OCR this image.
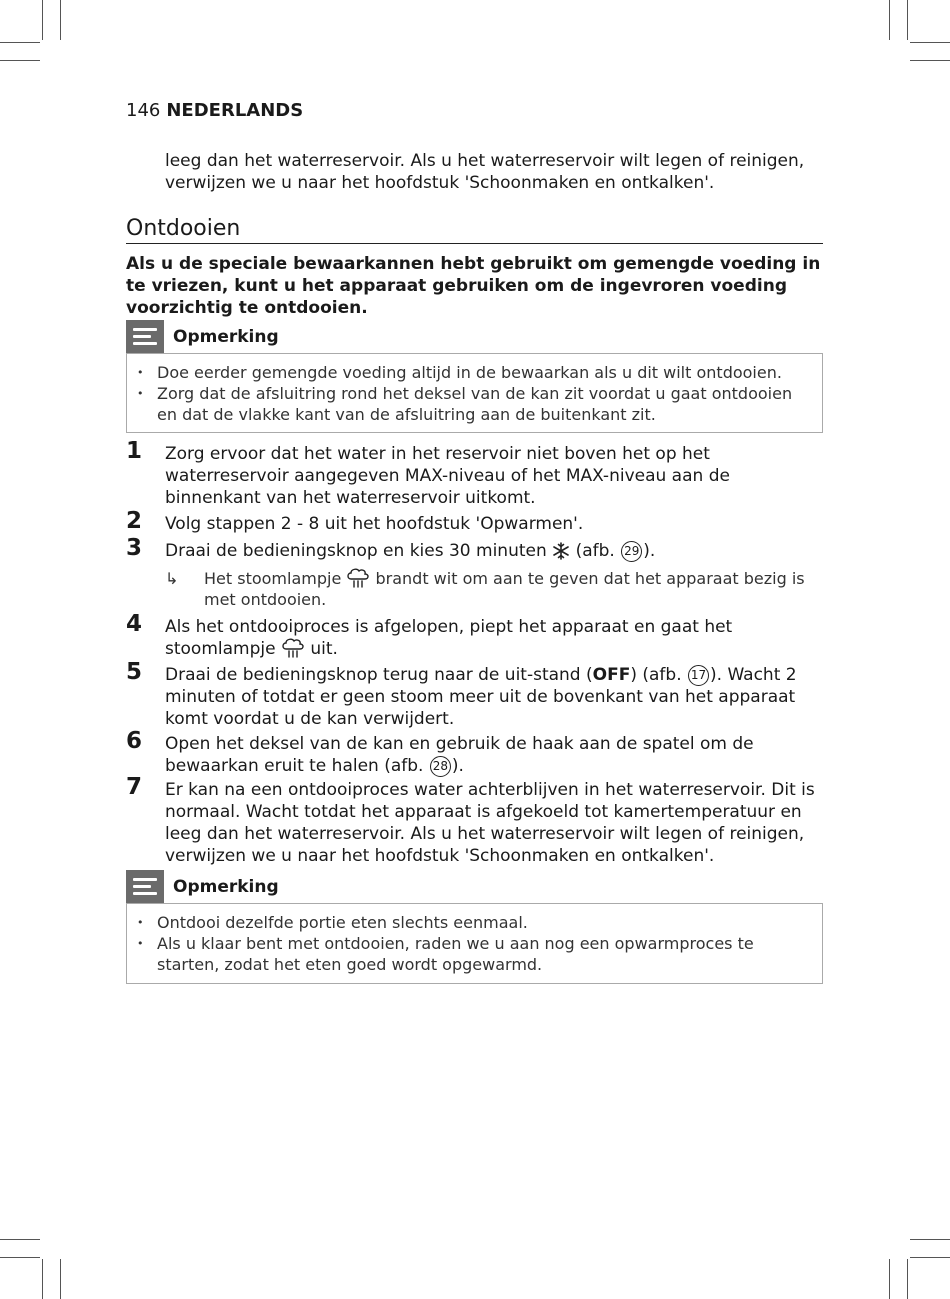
146 NEDERLANDS
leeg dan het waterreservoir. Als u het waterreservoir wilt legen of reinigen,
verwijzen we u naar het hoofdstuk 'Schoonmaken en ontkalken'.
Ontdooien
Als u de speciale bewaarkannen hebt gebruikt om gemengde voeding in te vriezen, kunt u het apparaat gebruiken om de ingevroren voeding voorzichtig te ontdooien.
Opmerking
• Doe eerder gemengde voeding altijd in de bewaarkan als u dit wilt ontdooien.
• Zorg dat de afsluitring rond het deksel van de kan zit voordat u gaat ontdooien en dat de vlakke kant van de afsluitring aan de buitenkant zit.
1 Zorg ervoor dat het water in het reservoir niet boven het op het waterreservoir aangegeven MAX-niveau of het MAX-niveau aan de binnenkant van het waterreservoir uitkomt.
2 Volg stappen 2 - 8 uit het hoofdstuk 'Opwarmen'.
3 Draai de bedieningsknop en kies 30 minuten (afb. 29 ).
↳ Het stoomlampje brandt wit om aan te geven dat het apparaat bezig is met ontdooien.
4 Als het ontdooiproces is afgelopen, piept het apparaat en gaat het stoomlampje uit.
5 Draai de bedieningsknop terug naar de uit-stand (OFF) (afb. 17 ). Wacht 2 minuten of totdat er geen stoom meer uit de bovenkant van het apparaat komt voordat u de kan verwijdert.
6 Open het deksel van de kan en gebruik de haak aan de spatel om de bewaarkan eruit te halen (afb. 28 ).
7 Er kan na een ontdooiproces water achterblijven in het waterreservoir. Dit is normaal. Wacht totdat het apparaat is afgekoeld tot kamertemperatuur en leeg dan het waterreservoir. Als u het waterreservoir wilt legen of reinigen, verwijzen we u naar het hoofdstuk 'Schoonmaken en ontkalken'.
Opmerking
• Ontdooi dezelfde portie eten slechts eenmaal.
• Als u klaar bent met ontdooien, raden we u aan nog een opwarmproces te starten, zodat het eten goed wordt opgewarmd.
